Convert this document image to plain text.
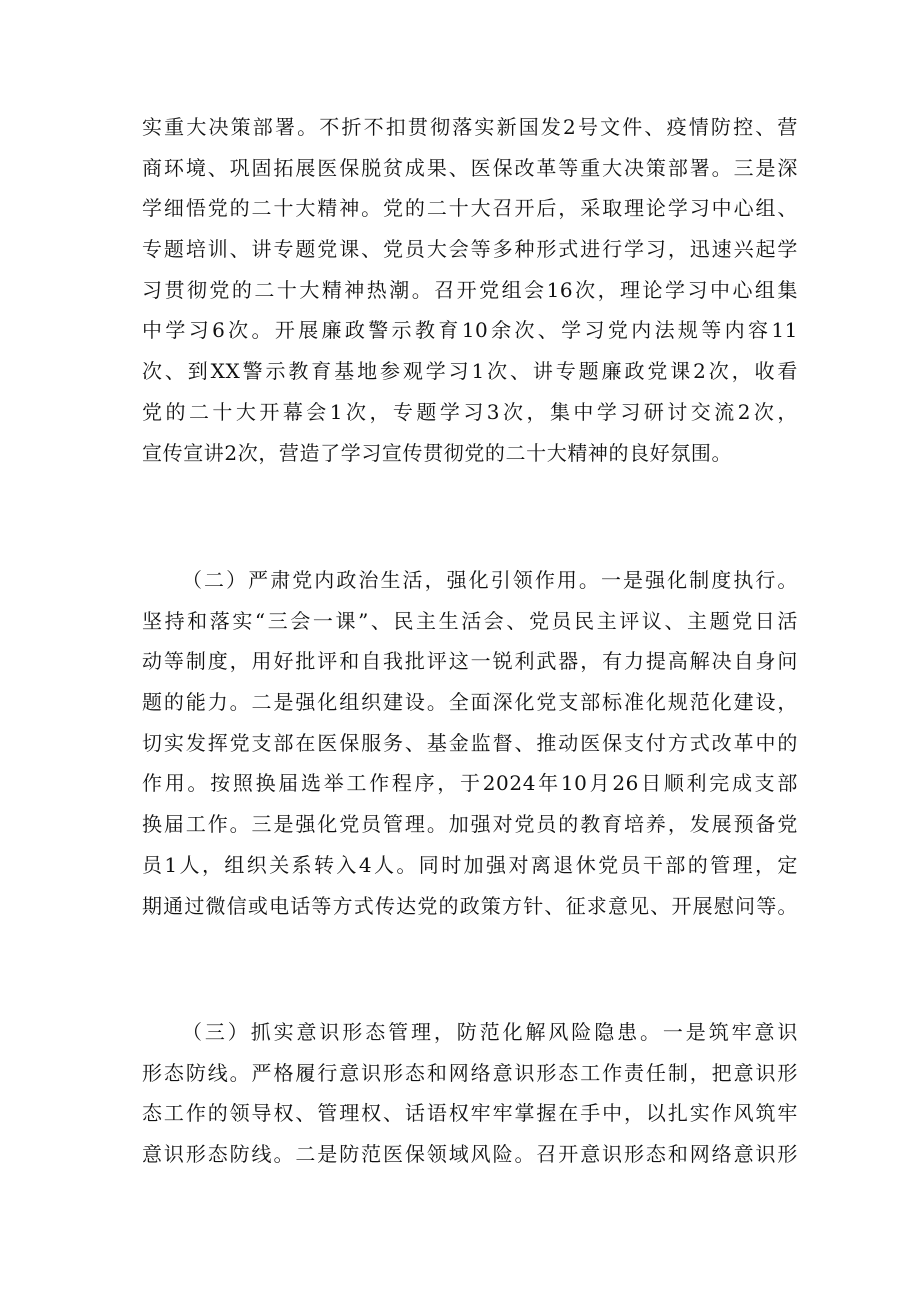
实重大决策部署。不折不扣贯彻落实新国发2号文件、疫情防控、营
商环境、巩固拓展医保脱贫成果、医保改革等重大决策部署。三是深
学细悟党的二十大精神。党的二十大召开后，采取理论学习中心组、
专题培训、讲专题党课、党员大会等多种形式进行学习，迅速兴起学
习贯彻党的二十大精神热潮。召开党组会16次，理论学习中心组集
中学习6次。开展廉政警示教育10余次、学习党内法规等内容11
次、到XX警示教育基地参观学习1次、讲专题廉政党课2次，收看
党的二十大开幕会1次，专题学习3次，集中学习研讨交流2次，
宣传宣讲2次，营造了学习宣传贯彻党的二十大精神的良好氛围。
（二）严肃党内政治生活，强化引领作用。一是强化制度执行。
坚持和落实“三会一课”、民主生活会、党员民主评议、主题党日活
动等制度，用好批评和自我批评这一锐利武器，有力提高解决自身问
题的能力。二是强化组织建设。全面深化党支部标准化规范化建设，
切实发挥党支部在医保服务、基金监督、推动医保支付方式改革中的
作用。按照换届选举工作程序，于2024年10月26日顺利完成支部
换届工作。三是强化党员管理。加强对党员的教育培养，发展预备党
员1人，组织关系转入4人。同时加强对离退休党员干部的管理，定
期通过微信或电话等方式传达党的政策方针、征求意见、开展慰问等。
（三）抓实意识形态管理，防范化解风险隐患。一是筑牢意识
形态防线。严格履行意识形态和网络意识形态工作责任制，把意识形
态工作的领导权、管理权、话语权牢牢掌握在手中，以扎实作风筑牢
意识形态防线。二是防范医保领域风险。召开意识形态和网络意识形
